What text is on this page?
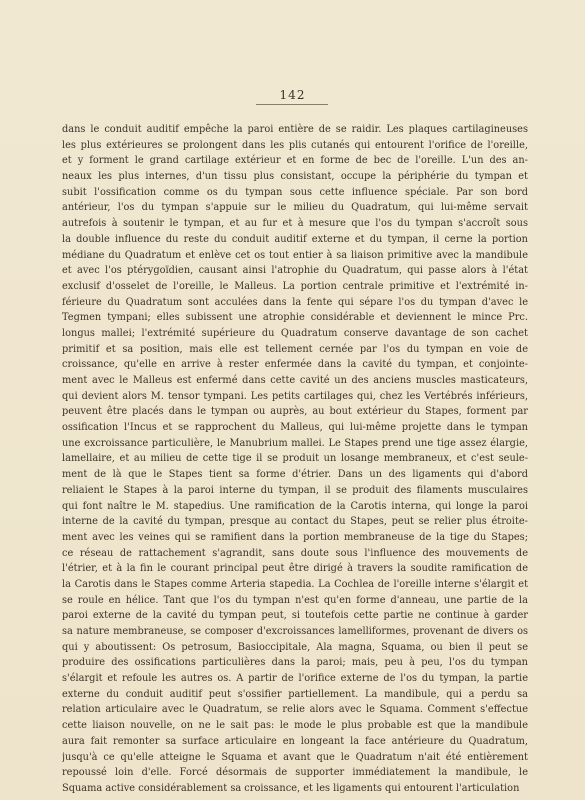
142
dans le conduit auditif empêche la paroi entière de se raidir. Les plaques cartilagineuses
les plus extérieures se prolongent dans les plis cutanés qui entourent l'orifice de l'oreille,
et y forment le grand cartilage extérieur et en forme de bec de l'oreille. L'un des an-
neaux les plus internes, d'un tissu plus consistant, occupe la périphérie du tympan et
subit l'ossification comme os du tympan sous cette influence spéciale. Par son bord
antérieur, l'os du tympan s'appuie sur le milieu du Quadratum, qui lui-même servait
autrefois à soutenir le tympan, et au fur et à mesure que l'os du tympan s'accroît sous
la double influence du reste du conduit auditif externe et du tympan, il cerne la portion
médiane du Quadratum et enlève cet os tout entier à sa liaison primitive avec la mandibule
et avec l'os ptérygoïdien, causant ainsi l'atrophie du Quadratum, qui passe alors à l'état
exclusif d'osselet de l'oreille, le Malleus. La portion centrale primitive et l'extrémité in-
férieure du Quadratum sont acculées dans la fente qui sépare l'os du tympan d'avec le
Tegmen tympani; elles subissent une atrophie considérable et deviennent le mince Prc.
longus mallei; l'extrémité supérieure du Quadratum conserve davantage de son cachet
primitif et sa position, mais elle est tellement cernée par l'os du tympan en voie de
croissance, qu'elle en arrive à rester enfermée dans la cavité du tympan, et conjointe-
ment avec le Malleus est enfermé dans cette cavité un des anciens muscles masticateurs,
qui devient alors M. tensor tympani. Les petits cartilages qui, chez les Vertébrés inférieurs,
peuvent être placés dans le tympan ou auprès, au bout extérieur du Stapes, forment par
ossification l'Incus et se rapprochent du Malleus, qui lui-même projette dans le tympan
une excroissance particulière, le Manubrium mallei. Le Stapes prend une tige assez élargie,
lamellaire, et au milieu de cette tige il se produit un losange membraneux, et c'est seule-
ment de là que le Stapes tient sa forme d'étrier. Dans un des ligaments qui d'abord
reliaient le Stapes à la paroi interne du tympan, il se produit des filaments musculaires
qui font naître le M. stapedius. Une ramification de la Carotis interna, qui longe la paroi
interne de la cavité du tympan, presque au contact du Stapes, peut se relier plus étroite-
ment avec les veines qui se ramifient dans la portion membraneuse de la tige du Stapes;
ce réseau de rattachement s'agrandit, sans doute sous l'influence des mouvements de
l'étrier, et à la fin le courant principal peut être dirigé à travers la soudite ramification de
la Carotis dans le Stapes comme Arteria stapedia. La Cochlea de l'oreille interne s'élargit et
se roule en hélice. Tant que l'os du tympan n'est qu'en forme d'anneau, une partie de la
paroi externe de la cavité du tympan peut, si toutefois cette partie ne continue à garder
sa nature membraneuse, se composer d'excroissances lamelliformes, provenant de divers os
qui y aboutissent: Os petrosum, Basioccipitale, Ala magna, Squama, ou bien il peut se
produire des ossifications particulières dans la paroi; mais, peu à peu, l'os du tympan
s'élargit et refoule les autres os. A partir de l'orifice externe de l'os du tympan, la partie
externe du conduit auditif peut s'ossifier partiellement. La mandibule, qui a perdu sa
relation articulaire avec le Quadratum, se relie alors avec le Squama. Comment s'effectue
cette liaison nouvelle, on ne le sait pas: le mode le plus probable est que la mandibule
aura fait remonter sa surface articulaire en longeant la face antérieure du Quadratum,
jusqu'à ce qu'elle atteigne le Squama et avant que le Quadratum n'ait été entièrement
repoussé loin d'elle. Forcé désormais de supporter immédiatement la mandibule, le
Squama active considérablement sa croissance, et les ligaments qui entourent l'articulation
